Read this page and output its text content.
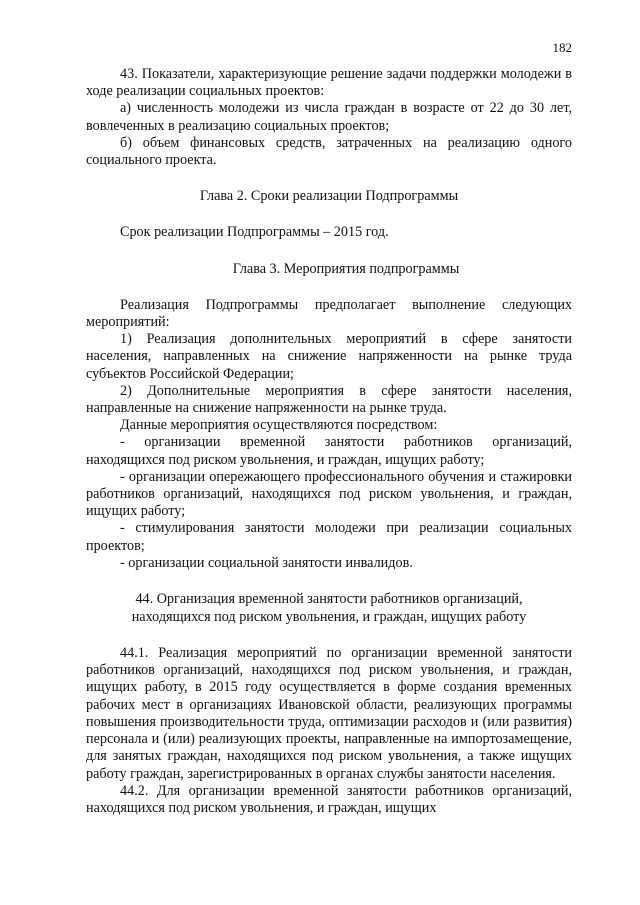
182

43. Показатели, характеризующие решение задачи поддержки молодежи в ходе реализации социальных проектов:

а) численность молодежи из числа граждан в возрасте от 22 до 30 лет, вовлеченных в реализацию социальных проектов;

б) объем финансовых средств, затраченных на реализацию одного социального проекта.

Глава 2. Сроки реализации Подпрограммы

Срок реализации Подпрограммы – 2015 год.

Глава 3. Мероприятия подпрограммы

Реализация Подпрограммы предполагает выполнение следующих мероприятий:

1) Реализация дополнительных мероприятий в сфере занятости населения, направленных на снижение напряженности на рынке труда субъектов Российской Федерации;

2) Дополнительные мероприятия в сфере занятости населения, направленные на снижение напряженности на рынке труда.

Данные мероприятия осуществляются посредством:

- организации временной занятости работников организаций, находящихся под риском увольнения, и граждан, ищущих работу;

- организации опережающего профессионального обучения и стажировки работников организаций, находящихся под риском увольнения, и граждан, ищущих работу;

- стимулирования занятости молодежи при реализации социальных проектов;

- организации социальной занятости инвалидов.

44. Организация временной занятости работников организаций,

находящихся под риском увольнения, и граждан, ищущих работу

44.1. Реализация мероприятий по организации временной занятости работников организаций, находящихся под риском увольнения, и граждан, ищущих работу, в 2015 году осуществляется в форме создания временных рабочих мест в организациях Ивановской области, реализующих программы повышения производительности труда, оптимизации расходов и (или развития) персонала и (или) реализующих проекты, направленные на импортозамещение, для занятых граждан, находящихся под риском увольнения, а также ищущих работу граждан, зарегистрированных в органах службы занятости населения.

44.2. Для организации временной занятости работников организаций, находящихся под риском увольнения, и граждан, ищущих
